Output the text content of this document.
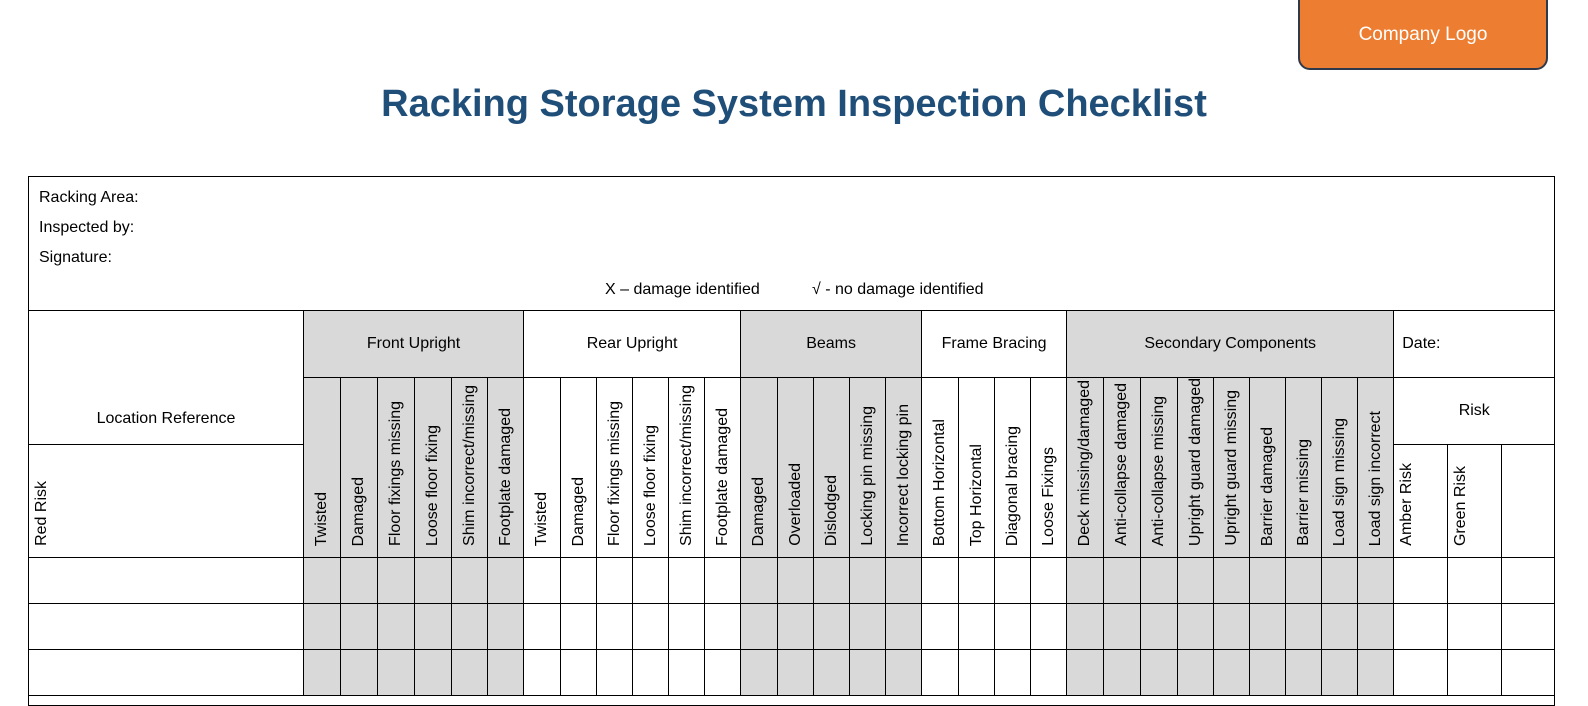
Company Logo
Racking Storage System Inspection Checklist
Racking Area:
Inspected by:
Signature:
X – damage identified	√ - no damage identified
Location Reference	Front Upright						Rear Upright						Beams					Frame Bracing				Secondary Components									Date:		
	Twisted	Damaged	Floor fixings missing	Loose floor fixing	Shim incorrect/missing	Footplate damaged	Twisted	Damaged	Floor fixings missing	Loose floor fixing	Shim incorrect/missing	Footplate damaged	Damaged	Overloaded	Dislodged	Locking pin missing	Incorrect locking pin	Bottom Horizontal	Top Horizontal	Diagonal bracing	Loose Fixings	Deck missing/damaged	Anti-collapse damaged	Anti-collapse missing	Upright guard damaged	Upright guard missing	Barrier damaged	Barrier missing	Load sign missing	Load sign incorrect	Risk		
Red Risk																															Amber Risk	Green Risk	
